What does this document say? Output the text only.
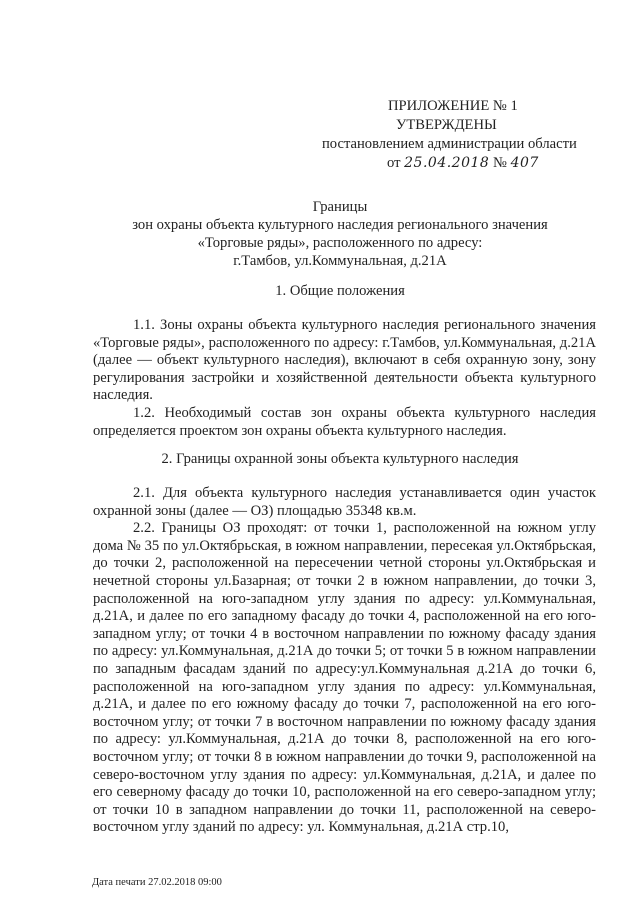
ПРИЛОЖЕНИЕ № 1
УТВЕРЖДЕНЫ
постановлением администрации области
от 25.04.2018 № 407
Границы
зон охраны объекта культурного наследия регионального значения
«Торговые ряды», расположенного по адресу:
г.Тамбов, ул.Коммунальная, д.21А
1. Общие положения

1.1. Зоны охраны объекта культурного наследия регионального значения «Торговые ряды», расположенного по адресу: г.Тамбов, ул.Коммунальная, д.21А (далее — объект культурного наследия), включают в себя охранную зону, зону регулирования застройки и хозяйственной деятельности объекта культурного наследия.

1.2. Необходимый состав зон охраны объекта культурного наследия определяется проектом зон охраны объекта культурного наследия.

2. Границы охранной зоны объекта культурного наследия

2.1. Для объекта культурного наследия устанавливается один участок охранной зоны (далее — ОЗ) площадью 35348 кв.м.

2.2. Границы ОЗ проходят: от точки 1, расположенной на южном углу дома № 35 по ул.Октябрьская, в южном направлении, пересекая ул.Октябрьская, до точки 2, расположенной на пересечении четной стороны ул.Октябрьская и нечетной стороны ул.Базарная; от точки 2 в южном направлении, до точки 3, расположенной на юго-западном углу здания по адресу: ул.Коммунальная, д.21А, и далее по его западному фасаду до точки 4, расположенной на его юго-западном углу; от точки 4 в восточном направлении по южному фасаду здания по адресу: ул.Коммунальная, д.21А до точки 5; от точки 5 в южном направлении по западным фасадам зданий по адресу:ул.Коммунальная д.21А до точки 6, расположенной на юго-западном углу здания по адресу: ул.Коммунальная, д.21А, и далее по его южному фасаду до точки 7, расположенной на его юго-восточном углу; от точки 7 в восточном направлении по южному фасаду здания по адресу: ул.Коммунальная, д.21А до точки 8, расположенной на его юго-восточном углу; от точки 8 в южном направлении до точки 9, расположенной на северо-восточном углу здания по адресу: ул.Коммунальная, д.21А, и далее по его северному фасаду до точки 10, расположенной на его северо-западном углу; от точки 10 в западном направлении до точки 11, расположенной на северо-восточном углу зданий по адресу: ул. Коммунальная, д.21А стр.10,

Дата печати 27.02.2018 09:00
